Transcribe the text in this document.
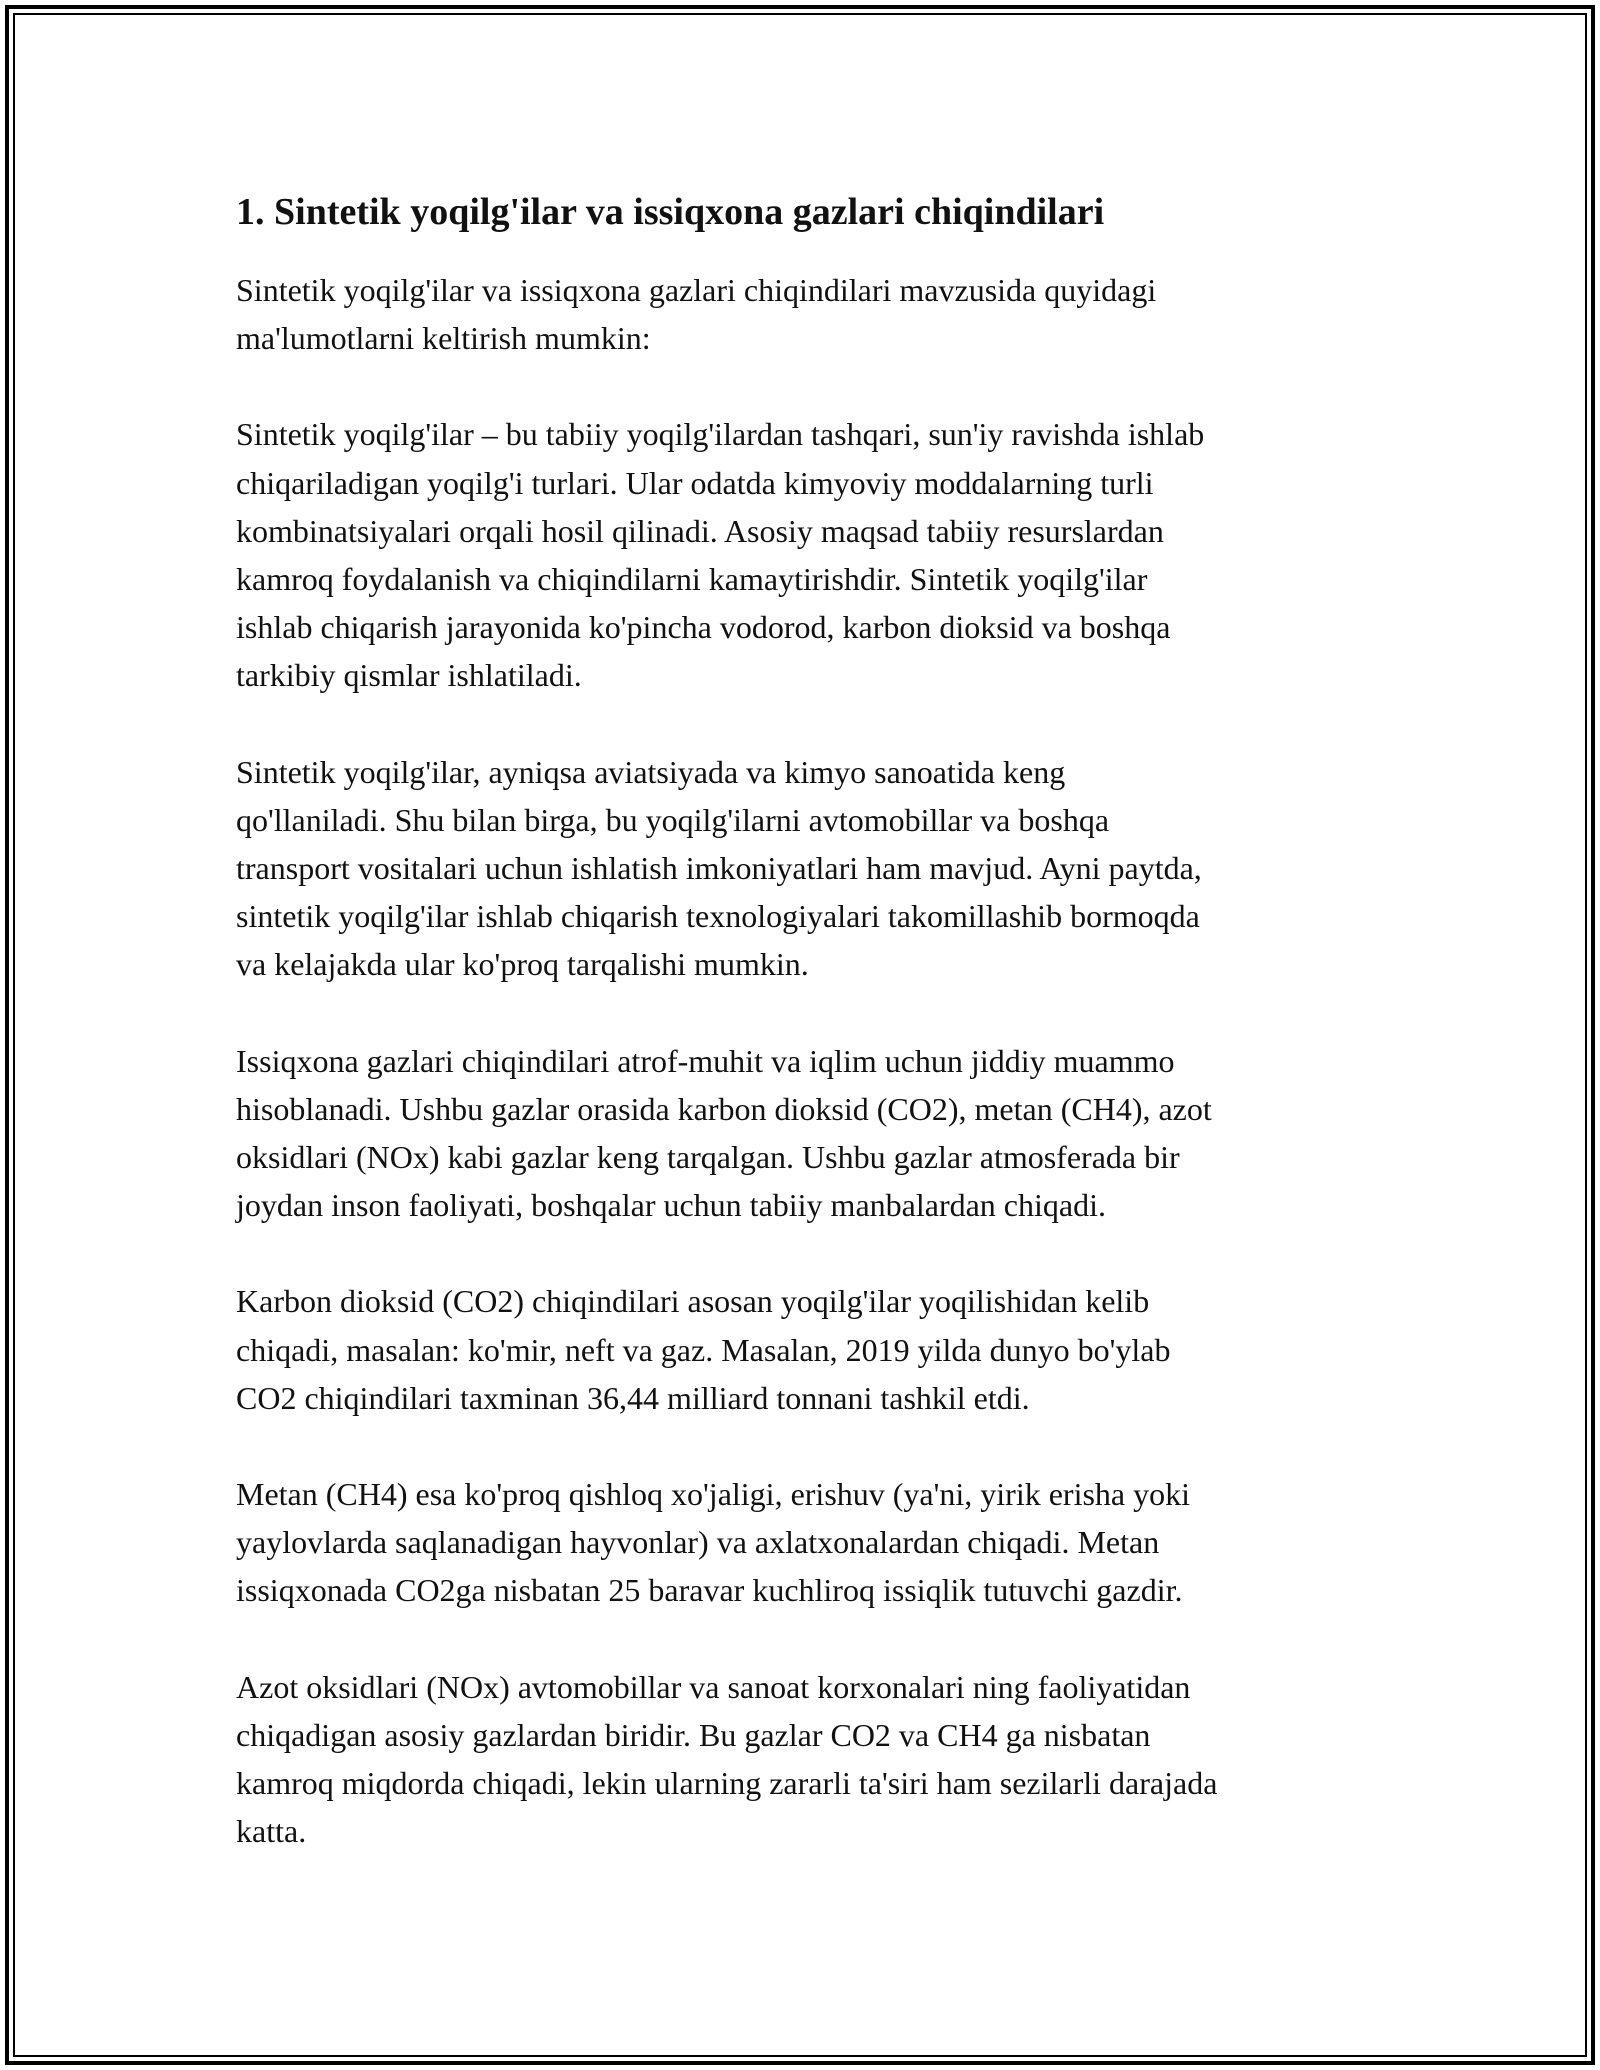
1. Sintetik yoqilg'ilar va issiqxona gazlari chiqindilari

Sintetik yoqilg'ilar va issiqxona gazlari chiqindilari mavzusida quyidagi
ma'lumotlarni keltirish mumkin:

Sintetik yoqilg'ilar – bu tabiiy yoqilg'ilardan tashqari, sun'iy ravishda ishlab
chiqariladigan yoqilg'i turlari. Ular odatda kimyoviy moddalarning turli
kombinatsiyalari orqali hosil qilinadi. Asosiy maqsad tabiiy resurslardan
kamroq foydalanish va chiqindilarni kamaytirishdir. Sintetik yoqilg'ilar
ishlab chiqarish jarayonida ko'pincha vodorod, karbon dioksid va boshqa
tarkibiy qismlar ishlatiladi.

Sintetik yoqilg'ilar, ayniqsa aviatsiyada va kimyo sanoatida keng
qo'llaniladi. Shu bilan birga, bu yoqilg'ilarni avtomobillar va boshqa
transport vositalari uchun ishlatish imkoniyatlari ham mavjud. Ayni paytda,
sintetik yoqilg'ilar ishlab chiqarish texnologiyalari takomillashib bormoqda
va kelajakda ular ko'proq tarqalishi mumkin.

Issiqxona gazlari chiqindilari atrof-muhit va iqlim uchun jiddiy muammo
hisoblanadi. Ushbu gazlar orasida karbon dioksid (CO2), metan (CH4), azot
oksidlari (NOx) kabi gazlar keng tarqalgan. Ushbu gazlar atmosferada bir
joydan inson faoliyati, boshqalar uchun tabiiy manbalardan chiqadi.

Karbon dioksid (CO2) chiqindilari asosan yoqilg'ilar yoqilishidan kelib
chiqadi, masalan: ko'mir, neft va gaz. Masalan, 2019 yilda dunyo bo'ylab
CO2 chiqindilari taxminan 36,44 milliard tonnani tashkil etdi.

Metan (CH4) esa ko'proq qishloq xo'jaligi, erishuv (ya'ni, yirik erisha yoki
yaylovlarda saqlanadigan hayvonlar) va axlatxonalardan chiqadi. Metan
issiqxonada CO2ga nisbatan 25 baravar kuchliroq issiqlik tutuvchi gazdir.

Azot oksidlari (NOx) avtomobillar va sanoat korxonalari ning faoliyatidan
chiqadigan asosiy gazlardan biridir. Bu gazlar CO2 va CH4 ga nisbatan
kamroq miqdorda chiqadi, lekin ularning zararli ta'siri ham sezilarli darajada
katta.
